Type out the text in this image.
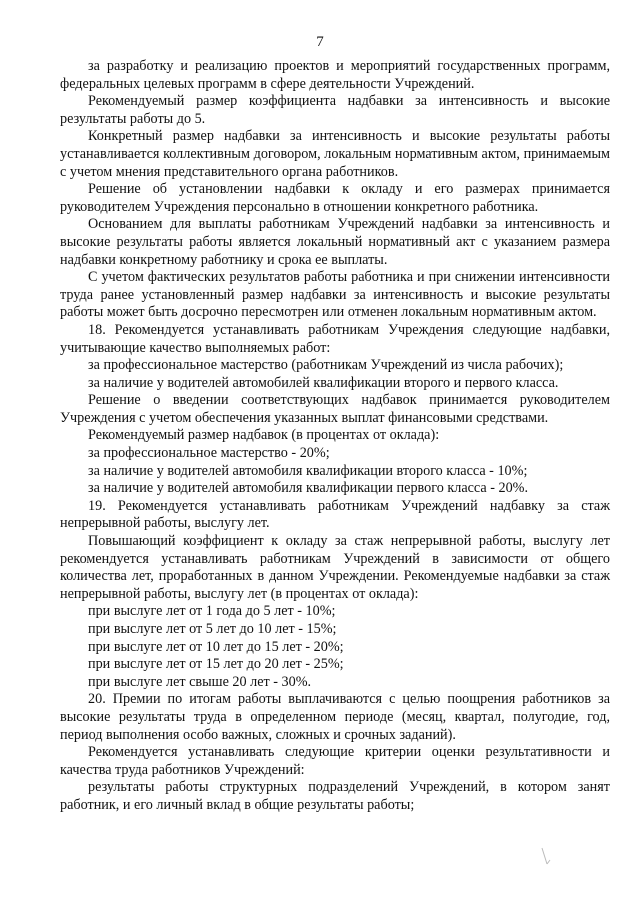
7

за разработку и реализацию проектов и мероприятий государственных программ, федеральных целевых программ в сфере деятельности Учреждений.

Рекомендуемый размер коэффициента надбавки за интенсивность и высокие результаты работы до 5.

Конкретный размер надбавки за интенсивность и высокие результаты работы устанавливается коллективным договором, локальным нормативным актом, принимаемым с учетом мнения представительного органа работников.

Решение об установлении надбавки к окладу и его размерах принимается руководителем Учреждения персонально в отношении конкретного работника.

Основанием для выплаты работникам Учреждений надбавки за интенсивность и высокие результаты работы является локальный нормативный акт с указанием размера надбавки конкретному работнику и срока ее выплаты.

С учетом фактических результатов работы работника и при снижении интенсивности труда ранее установленный размер надбавки за интенсивность и высокие результаты работы может быть досрочно пересмотрен или отменен локальным нормативным актом.

18. Рекомендуется устанавливать работникам Учреждения следующие надбавки, учитывающие качество выполняемых работ:

за профессиональное мастерство (работникам Учреждений из числа рабочих);

за наличие у водителей автомобилей квалификации второго и первого класса.

Решение о введении соответствующих надбавок принимается руководителем Учреждения с учетом обеспечения указанных выплат финансовыми средствами.

Рекомендуемый размер надбавок (в процентах от оклада):

за профессиональное мастерство - 20%;

за наличие у водителей автомобиля квалификации второго класса - 10%;

за наличие у водителей автомобиля квалификации первого класса - 20%.

19. Рекомендуется устанавливать работникам Учреждений надбавку за стаж непрерывной работы, выслугу лет.

Повышающий коэффициент к окладу за стаж непрерывной работы, выслугу лет рекомендуется устанавливать работникам Учреждений в зависимости от общего количества лет, проработанных в данном Учреждении. Рекомендуемые надбавки за стаж непрерывной работы, выслугу лет (в процентах от оклада):

при выслуге лет от 1 года до 5 лет - 10%;

при выслуге лет от 5 лет до 10 лет - 15%;

при выслуге лет от 10 лет до 15 лет - 20%;

при выслуге лет от 15 лет до 20 лет - 25%;

при выслуге лет свыше 20 лет - 30%.

20. Премии по итогам работы выплачиваются с целью поощрения работников за высокие результаты труда в определенном периоде (месяц, квартал, полугодие, год, период выполнения особо важных, сложных и срочных заданий).

Рекомендуется устанавливать следующие критерии оценки результативности и качества труда работников Учреждений:

результаты работы структурных подразделений Учреждений, в котором занят работник, и его личный вклад в общие результаты работы;
